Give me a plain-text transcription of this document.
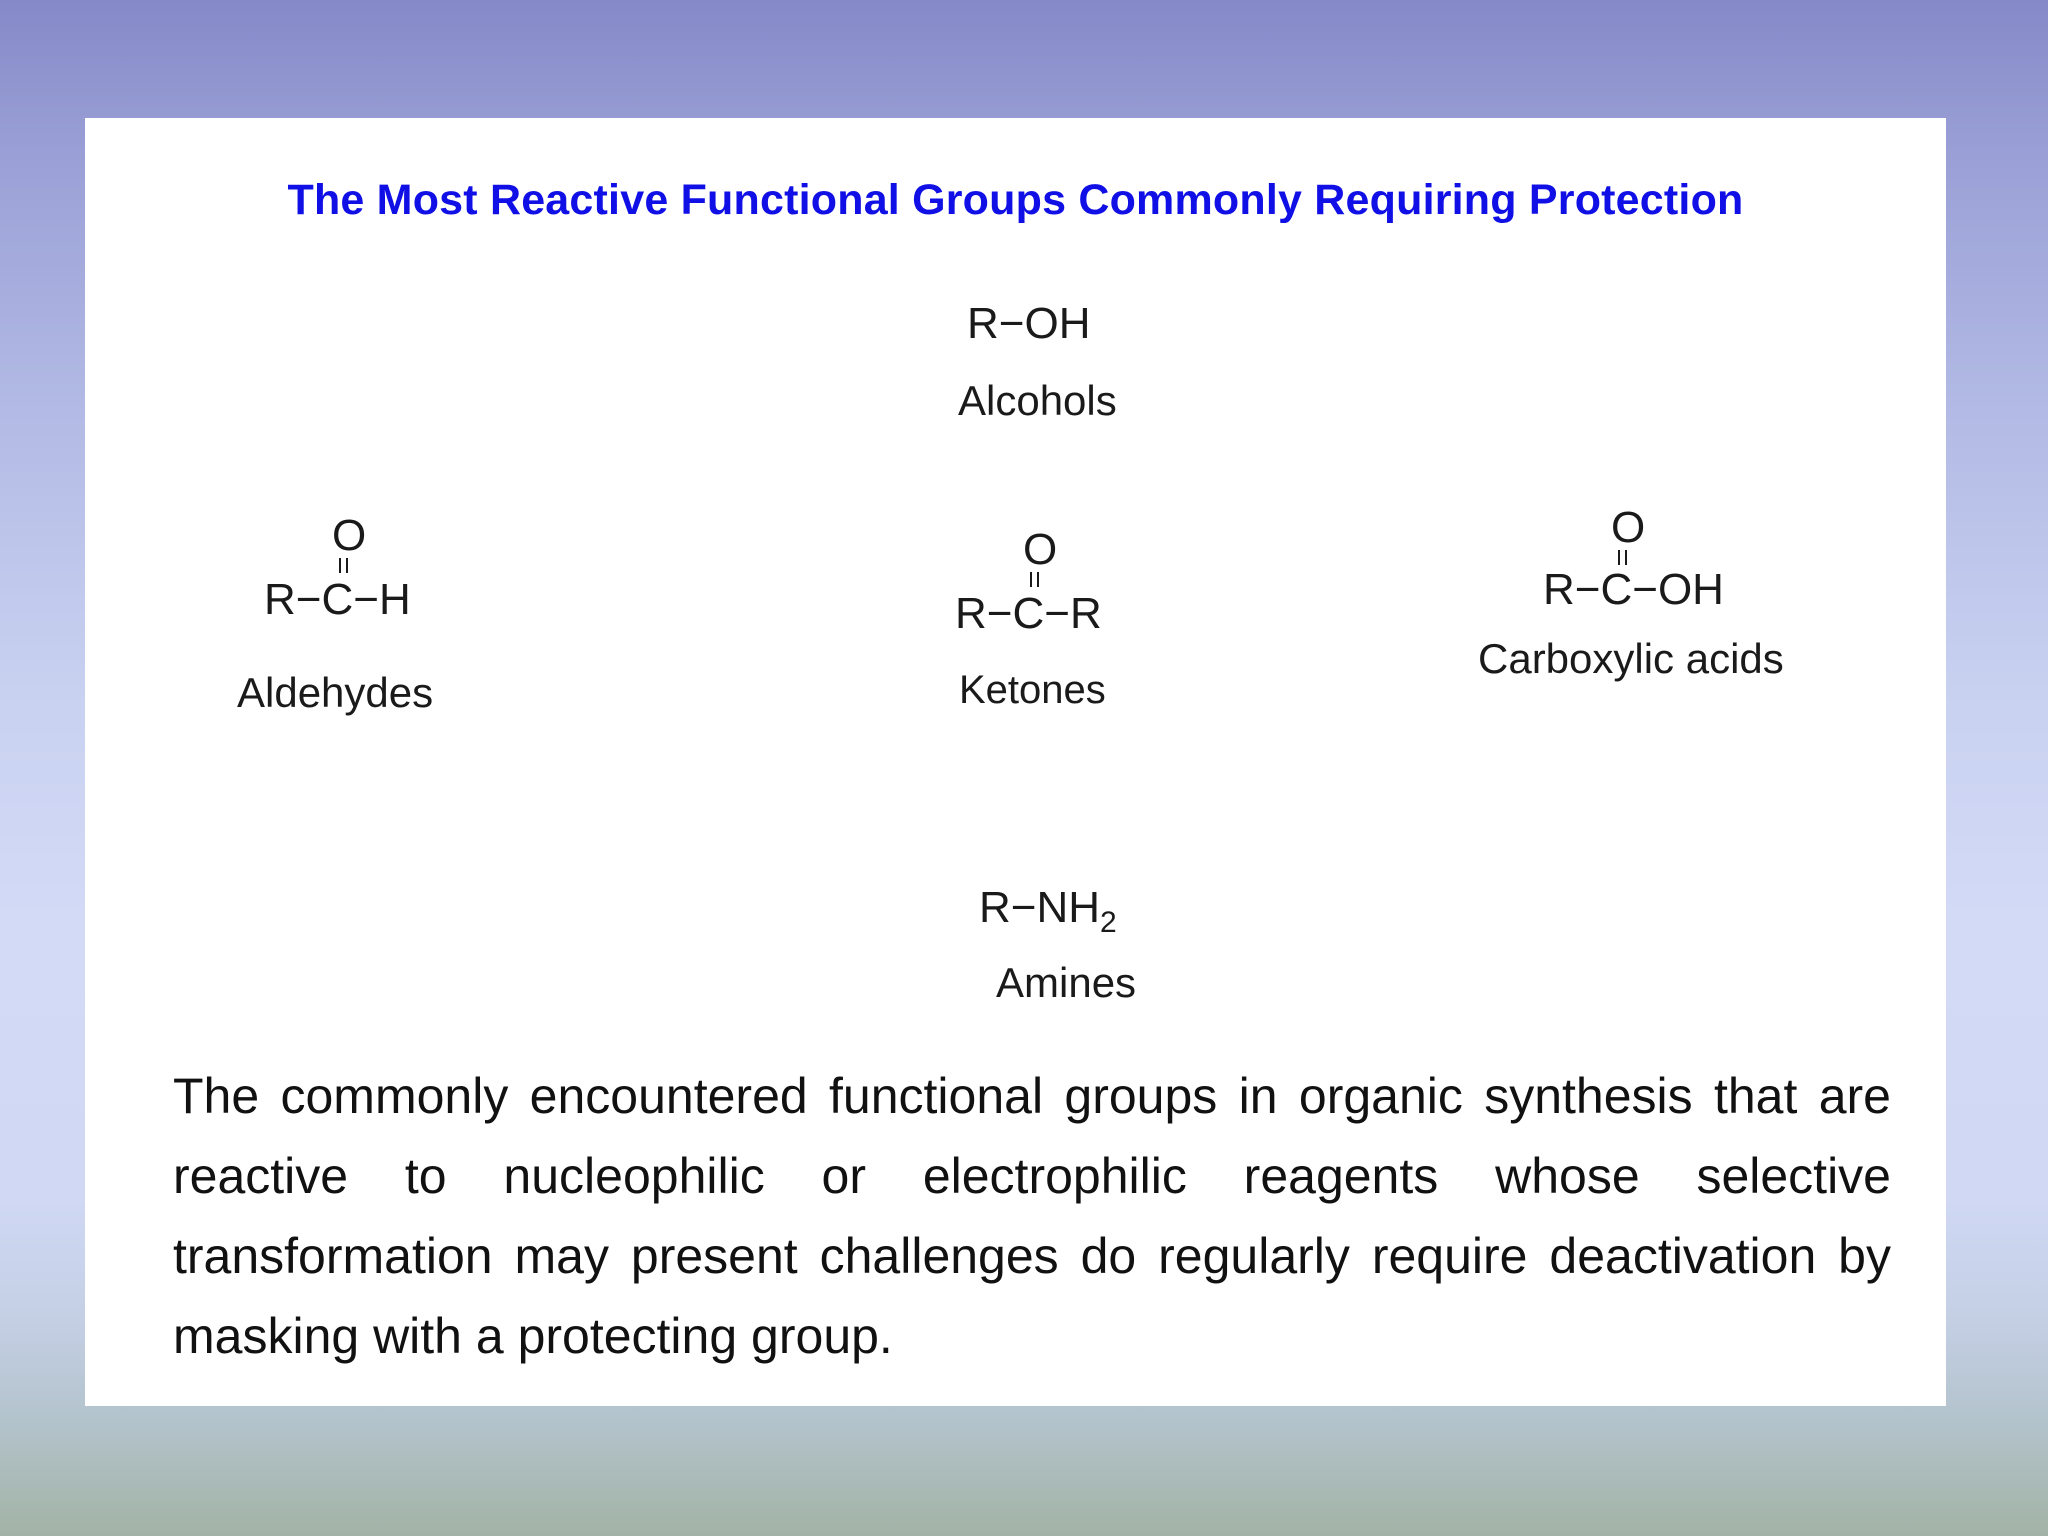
The Most Reactive Functional Groups Commonly Requiring Protection
R−OH
Alcohols
O
R−C−H
Aldehydes
O
R−C−R
Ketones
O
R−C−OH
Carboxylic acids
$R-NH_2$
Amines
The commonly encountered functional groups in organic synthesis that are reactive to nucleophilic or electrophilic reagents whose selective transformation may present challenges do regularly require deactivation by masking with a protecting group.
